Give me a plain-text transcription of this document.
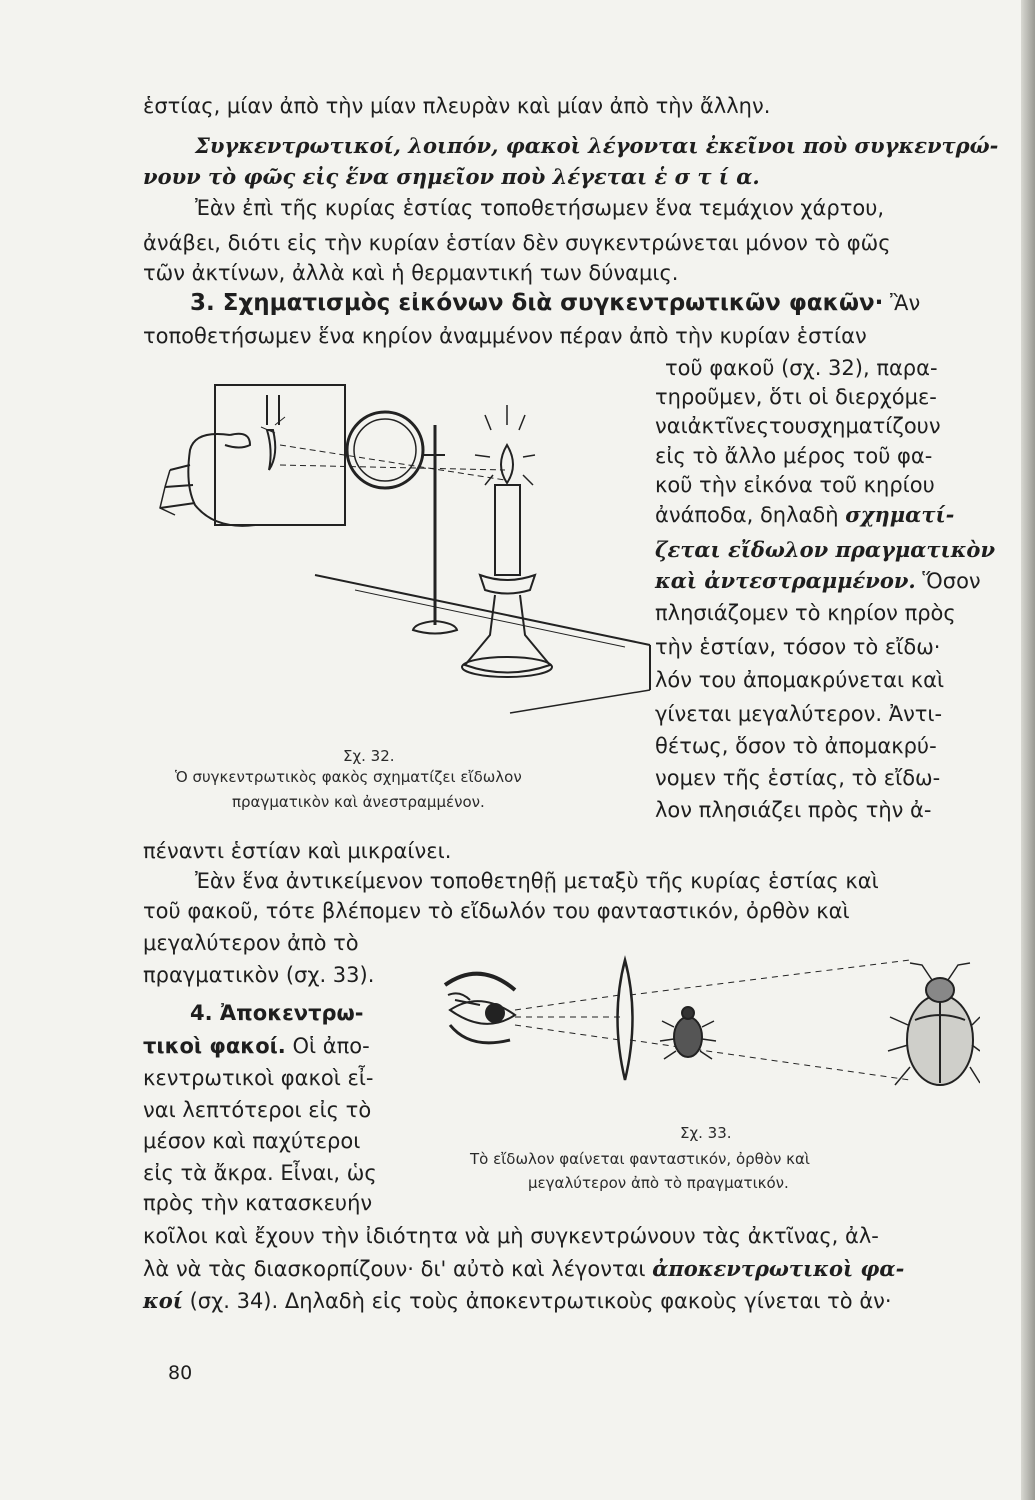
ἑστίας, μίαν ἀπὸ τὴν μίαν πλευρὰν καὶ μίαν ἀπὸ τὴν ἄλλην.
Συγκεντρωτικοί, λοιπόν, φακοὶ λέγονται ἐκεῖνοι ποὺ συγκεντρώ-
νουν τὸ φῶς εἰς ἕνα σημεῖον ποὺ λέγεται ἑ σ τ ί α.
Ἐὰν ἐπὶ τῆς κυρίας ἑστίας τοποθετήσωμεν ἕνα τεμάχιον χάρτου,
ἀνάβει, διότι εἰς τὴν κυρίαν ἑστίαν δὲν συγκεντρώνεται μόνον τὸ φῶς
τῶν ἀκτίνων, ἀλλὰ καὶ ἡ θερμαντική των δύναμις.
3. Σχηματισμὸς εἰκόνων διὰ συγκεντρωτικῶν φακῶν· Ἂν
τοποθετήσωμεν ἕνα κηρίον ἀναμμένον πέραν ἀπὸ τὴν κυρίαν ἑστίαν
τοῦ φακοῦ (σχ. 32), παρα-
τηροῦμεν, ὅτι οἱ διερχόμε-
ναιἀκτῖνεςτουσχηματίζουν
εἰς τὸ ἄλλο μέρος τοῦ φα-
κοῦ τὴν εἰκόνα τοῦ κηρίου
ἀνάποδα, δηλαδὴ σχηματί-
ζεται εἴδωλον πραγματικὸν
καὶ ἀντεστραμμένον. Ὅσον
πλησιάζομεν τὸ κηρίον πρὸς
τὴν ἑστίαν, τόσον τὸ εἴδω·
λόν του ἀπομακρύνεται καὶ
γίνεται μεγαλύτερον. Ἀντι-
θέτως, ὅσον τὸ ἀπομακρύ-
νομεν τῆς ἑστίας, τὸ εἴδω-
λον πλησιάζει πρὸς τὴν ἀ-
Σχ. 32.
Ὁ συγκεντρωτικὸς φακὸς σχηματίζει εἴδωλον
πραγματικὸν καὶ ἀνεστραμμένον.
πέναντι ἑστίαν καὶ μικραίνει.
Ἐὰν ἕνα ἀντικείμενον τοποθετηθῇ μεταξὺ τῆς κυρίας ἑστίας καὶ
τοῦ φακοῦ, τότε βλέπομεν τὸ εἴδωλόν του φανταστικόν, ὀρθὸν καὶ
μεγαλύτερον ἀπὸ τὸ
πραγματικὸν (σχ. 33).
4. Ἀποκεντρω-
τικοὶ φακοί. Οἱ ἀπο-
κεντρωτικοὶ φακοὶ εἶ-
ναι λεπτότεροι εἰς τὸ
μέσον καὶ παχύτεροι
εἰς τὰ ἄκρα. Εἶναι, ὡς
πρὸς τὴν κατασκευήν
Σχ. 33.
Τὸ εἴδωλον φαίνεται φανταστικόν, ὀρθὸν καὶ
μεγαλύτερον ἀπὸ τὸ πραγματικόν.
κοῖλοι καὶ ἔχουν τὴν ἰδιότητα νὰ μὴ συγκεντρώνουν τὰς ἀκτῖνας, ἀλ-
λὰ νὰ τὰς διασκορπίζουν· δι' αὐτὸ καὶ λέγονται ἀποκεντρωτικοὶ φα-
κοί (σχ. 34). Δηλαδὴ εἰς τοὺς ἀποκεντρωτικοὺς φακοὺς γίνεται τὸ ἀν·
80
